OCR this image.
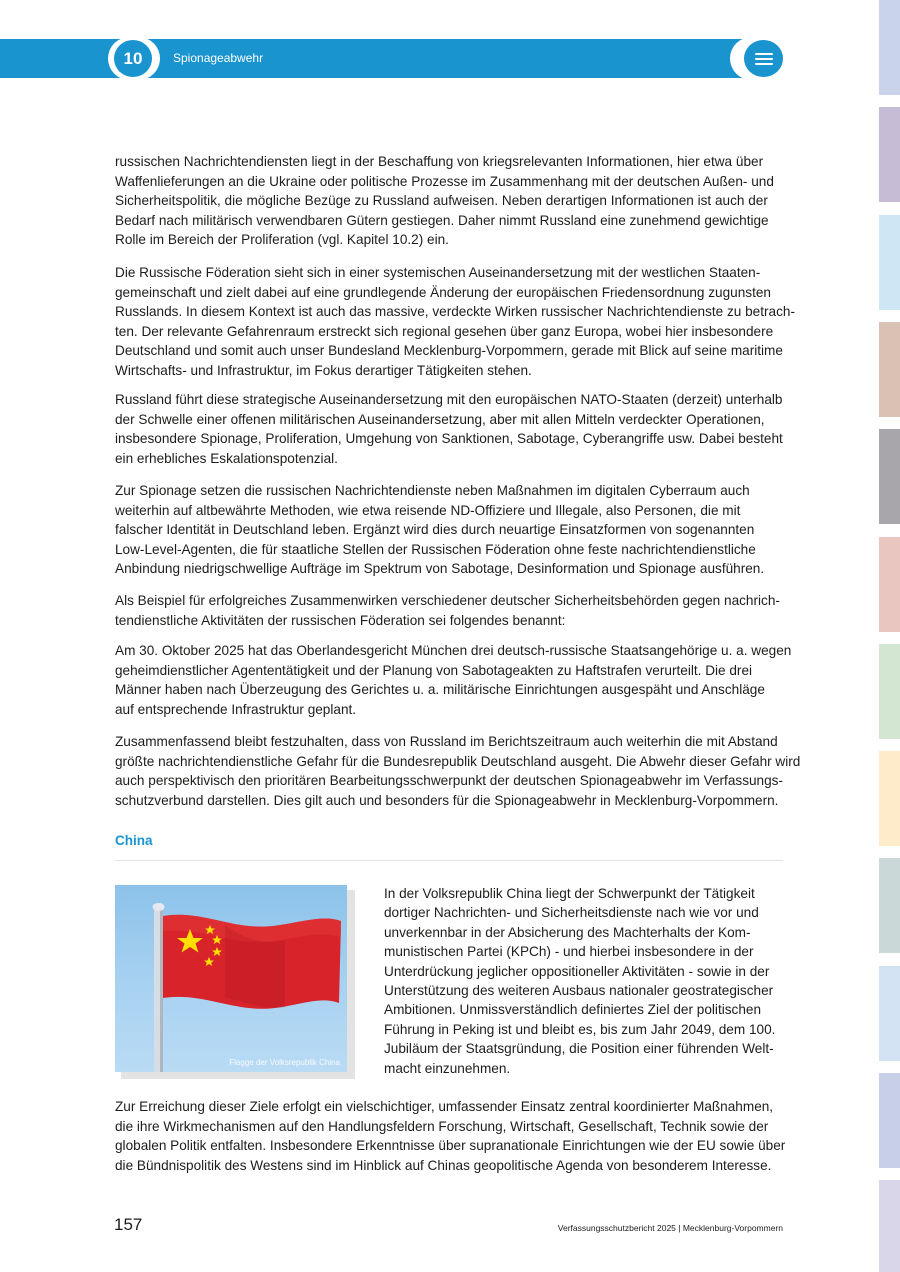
10	Spionageabwehr
russischen Nachrichtendiensten liegt in der Beschaffung von kriegsrelevanten Informationen, hier etwa über
Waffenlieferungen an die Ukraine oder politische Prozesse im Zusammenhang mit der deutschen Außen- und
Sicherheitspolitik, die mögliche Bezüge zu Russland aufweisen. Neben derartigen Informationen ist auch der
Bedarf nach militärisch verwendbaren Gütern gestiegen. Daher nimmt Russland eine zunehmend gewichtige
Rolle im Bereich der Proliferation (vgl. Kapitel 10.2) ein.
Die Russische Föderation sieht sich in einer systemischen Auseinandersetzung mit der westlichen Staaten-
gemeinschaft und zielt dabei auf eine grundlegende Änderung der europäischen Friedensordnung zugunsten
Russlands. In diesem Kontext ist auch das massive, verdeckte Wirken russischer Nachrichtendienste zu betrach-
ten. Der relevante Gefahrenraum erstreckt sich regional gesehen über ganz Europa, wobei hier insbesondere
Deutschland und somit auch unser Bundesland Mecklenburg-Vorpommern, gerade mit Blick auf seine maritime
Wirtschafts- und Infrastruktur, im Fokus derartiger Tätigkeiten stehen.
Russland führt diese strategische Auseinandersetzung mit den europäischen NATO-Staaten (derzeit) unterhalb
der Schwelle einer offenen militärischen Auseinandersetzung, aber mit allen Mitteln verdeckter Operationen,
insbesondere Spionage, Proliferation, Umgehung von Sanktionen, Sabotage, Cyberangriffe usw. Dabei besteht
ein erhebliches Eskalationspotenzial.
Zur Spionage setzen die russischen Nachrichtendienste neben Maßnahmen im digitalen Cyberraum auch
weiterhin auf altbewährte Methoden, wie etwa reisende ND-Offiziere und Illegale, also Personen, die mit
falscher Identität in Deutschland leben. Ergänzt wird dies durch neuartige Einsatzformen von sogenannten
Low-Level-Agenten, die für staatliche Stellen der Russischen Föderation ohne feste nachrichtendienstliche
Anbindung niedrigschwellige Aufträge im Spektrum von Sabotage, Desinformation und Spionage ausführen.
Als Beispiel für erfolgreiches Zusammenwirken verschiedener deutscher Sicherheitsbehörden gegen nachrich-
tendienstliche Aktivitäten der russischen Föderation sei folgendes benannt:
Am 30. Oktober 2025 hat das Oberlandesgericht München drei deutsch-russische Staatsangehörige u. a. wegen
geheimdienstlicher Agententätigkeit und der Planung von Sabotageakten zu Haftstrafen verurteilt. Die drei
Männer haben nach Überzeugung des Gerichtes u. a. militärische Einrichtungen ausgespäht und Anschläge
auf entsprechende Infrastruktur geplant.
Zusammenfassend bleibt festzuhalten, dass von Russland im Berichtszeitraum auch weiterhin die mit Abstand
größte nachrichtendienstliche Gefahr für die Bundesrepublik Deutschland ausgeht. Die Abwehr dieser Gefahr wird
auch perspektivisch den prioritären Bearbeitungsschwerpunkt der deutschen Spionageabwehr im Verfassungs-
schutzverbund darstellen. Dies gilt auch und besonders für die Spionageabwehr in Mecklenburg-Vorpommern.
China
Flagge der Volksrepublik China
In der Volksrepublik China liegt der Schwerpunkt der Tätigkeit
dortiger Nachrichten- und Sicherheitsdienste nach wie vor und
unverkennbar in der Absicherung des Machterhalts der Kom-
munistischen Partei (KPCh) - und hierbei insbesondere in der
Unterdrückung jeglicher oppositioneller Aktivitäten - sowie in der
Unterstützung des weiteren Ausbaus nationaler geostrategischer
Ambitionen. Unmissverständlich definiertes Ziel der politischen
Führung in Peking ist und bleibt es, bis zum Jahr 2049, dem 100.
Jubiläum der Staatsgründung, die Position einer führenden Welt-
macht einzunehmen.
Zur Erreichung dieser Ziele erfolgt ein vielschichtiger, umfassender Einsatz zentral koordinierter Maßnahmen,
die ihre Wirkmechanismen auf den Handlungsfeldern Forschung, Wirtschaft, Gesellschaft, Technik sowie der
globalen Politik entfalten. Insbesondere Erkenntnisse über supranationale Einrichtungen wie der EU sowie über
die Bündnispolitik des Westens sind im Hinblick auf Chinas geopolitische Agenda von besonderem Interesse.
157	Verfassungsschutzbericht 2025 | Mecklenburg-Vorpommern
